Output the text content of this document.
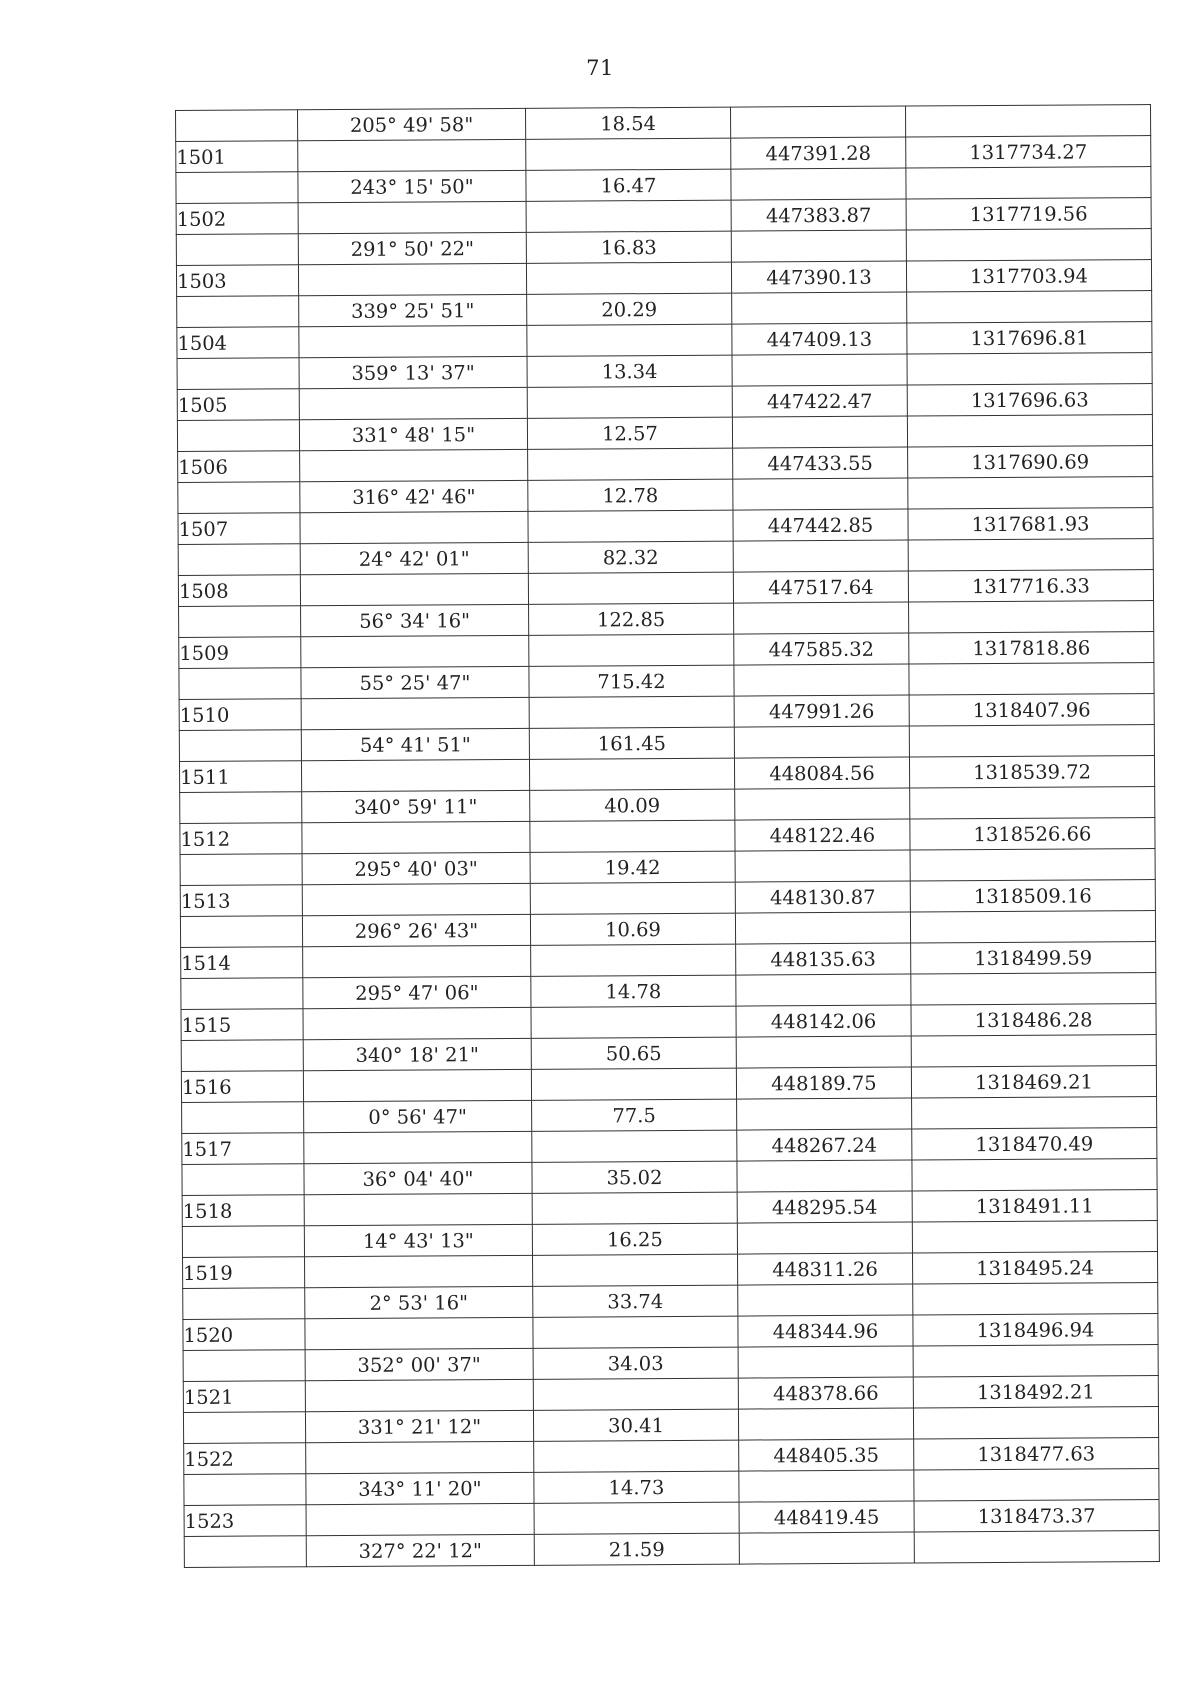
71
	205° 49' 58"	18.54		
1501			447391.28	1317734.27
	243° 15' 50"	16.47		
1502			447383.87	1317719.56
	291° 50' 22"	16.83		
1503			447390.13	1317703.94
	339° 25' 51"	20.29		
1504			447409.13	1317696.81
	359° 13' 37"	13.34		
1505			447422.47	1317696.63
	331° 48' 15"	12.57		
1506			447433.55	1317690.69
	316° 42' 46"	12.78		
1507			447442.85	1317681.93
	24° 42' 01"	82.32		
1508			447517.64	1317716.33
	56° 34' 16"	122.85		
1509			447585.32	1317818.86
	55° 25' 47"	715.42		
1510			447991.26	1318407.96
	54° 41' 51"	161.45		
1511			448084.56	1318539.72
	340° 59' 11"	40.09		
1512			448122.46	1318526.66
	295° 40' 03"	19.42		
1513			448130.87	1318509.16
	296° 26' 43"	10.69		
1514			448135.63	1318499.59
	295° 47' 06"	14.78		
1515			448142.06	1318486.28
	340° 18' 21"	50.65		
1516			448189.75	1318469.21
	0° 56' 47"	77.5		
1517			448267.24	1318470.49
	36° 04' 40"	35.02		
1518			448295.54	1318491.11
	14° 43' 13"	16.25		
1519			448311.26	1318495.24
	2° 53' 16"	33.74		
1520			448344.96	1318496.94
	352° 00' 37"	34.03		
1521			448378.66	1318492.21
	331° 21' 12"	30.41		
1522			448405.35	1318477.63
	343° 11' 20"	14.73		
1523			448419.45	1318473.37
	327° 22' 12"	21.59		
